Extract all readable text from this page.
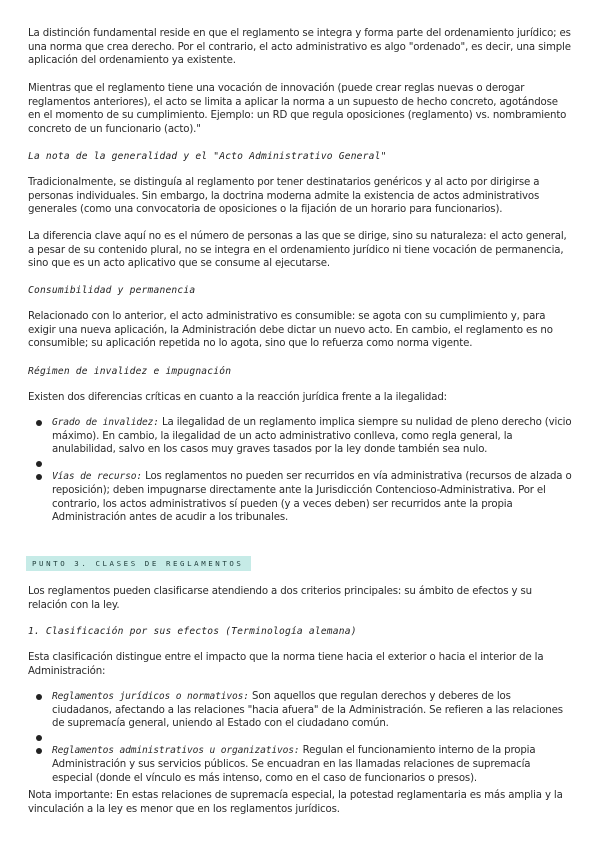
La distinción fundamental reside en que el reglamento se integra y forma parte del ordenamiento jurídico; es una norma que crea derecho. Por el contrario, el acto administrativo es algo "ordenado", es decir, una simple aplicación del ordenamiento ya existente.

Mientras que el reglamento tiene una vocación de innovación (puede crear reglas nuevas o derogar reglamentos anteriores), el acto se limita a aplicar la norma a un supuesto de hecho concreto, agotándose en el momento de su cumplimiento. Ejemplo: un RD que regula oposiciones (reglamento) vs. nombramiento concreto de un funcionario (acto)."

La nota de la generalidad y el "Acto Administrativo General"

Tradicionalmente, se distinguía al reglamento por tener destinatarios genéricos y al acto por dirigirse a personas individuales. Sin embargo, la doctrina moderna admite la existencia de actos administrativos generales (como una convocatoria de oposiciones o la fijación de un horario para funcionarios).

La diferencia clave aquí no es el número de personas a las que se dirige, sino su naturaleza: el acto general, a pesar de su contenido plural, no se integra en el ordenamiento jurídico ni tiene vocación de permanencia, sino que es un acto aplicativo que se consume al ejecutarse.

Consumibilidad y permanencia

Relacionado con lo anterior, el acto administrativo es consumible: se agota con su cumplimiento y, para exigir una nueva aplicación, la Administración debe dictar un nuevo acto. En cambio, el reglamento es no consumible; su aplicación repetida no lo agota, sino que lo refuerza como norma vigente.

Régimen de invalidez e impugnación

Existen dos diferencias críticas en cuanto a la reacción jurídica frente a la ilegalidad:

Grado de invalidez: La ilegalidad de un reglamento implica siempre su nulidad de pleno derecho (vicio máximo). En cambio, la ilegalidad de un acto administrativo conlleva, como regla general, la anulabilidad, salvo en los casos muy graves tasados por la ley donde también sea nulo.
Vías de recurso: Los reglamentos no pueden ser recurridos en vía administrativa (recursos de alzada o reposición); deben impugnarse directamente ante la Jurisdicción Contencioso-Administrativa. Por el contrario, los actos administrativos sí pueden (y a veces deben) ser recurridos ante la propia Administración antes de acudir a los tribunales.
PUNTO 3. CLASES DE REGLAMENTOS

Los reglamentos pueden clasificarse atendiendo a dos criterios principales: su ámbito de efectos y su relación con la ley.

1. Clasificación por sus efectos (Terminología alemana)

Esta clasificación distingue entre el impacto que la norma tiene hacia el exterior o hacia el interior de la Administración:

Reglamentos jurídicos o normativos: Son aquellos que regulan derechos y deberes de los ciudadanos, afectando a las relaciones "hacia afuera" de la Administración. Se refieren a las relaciones de supremacía general, uniendo al Estado con el ciudadano común.
Reglamentos administrativos u organizativos: Regulan el funcionamiento interno de la propia Administración y sus servicios públicos. Se encuadran en las llamadas relaciones de supremacía especial (donde el vínculo es más intenso, como en el caso de funcionarios o presos).

Nota importante: En estas relaciones de supremacía especial, la potestad reglamentaria es más amplia y la vinculación a la ley es menor que en los reglamentos jurídicos.
